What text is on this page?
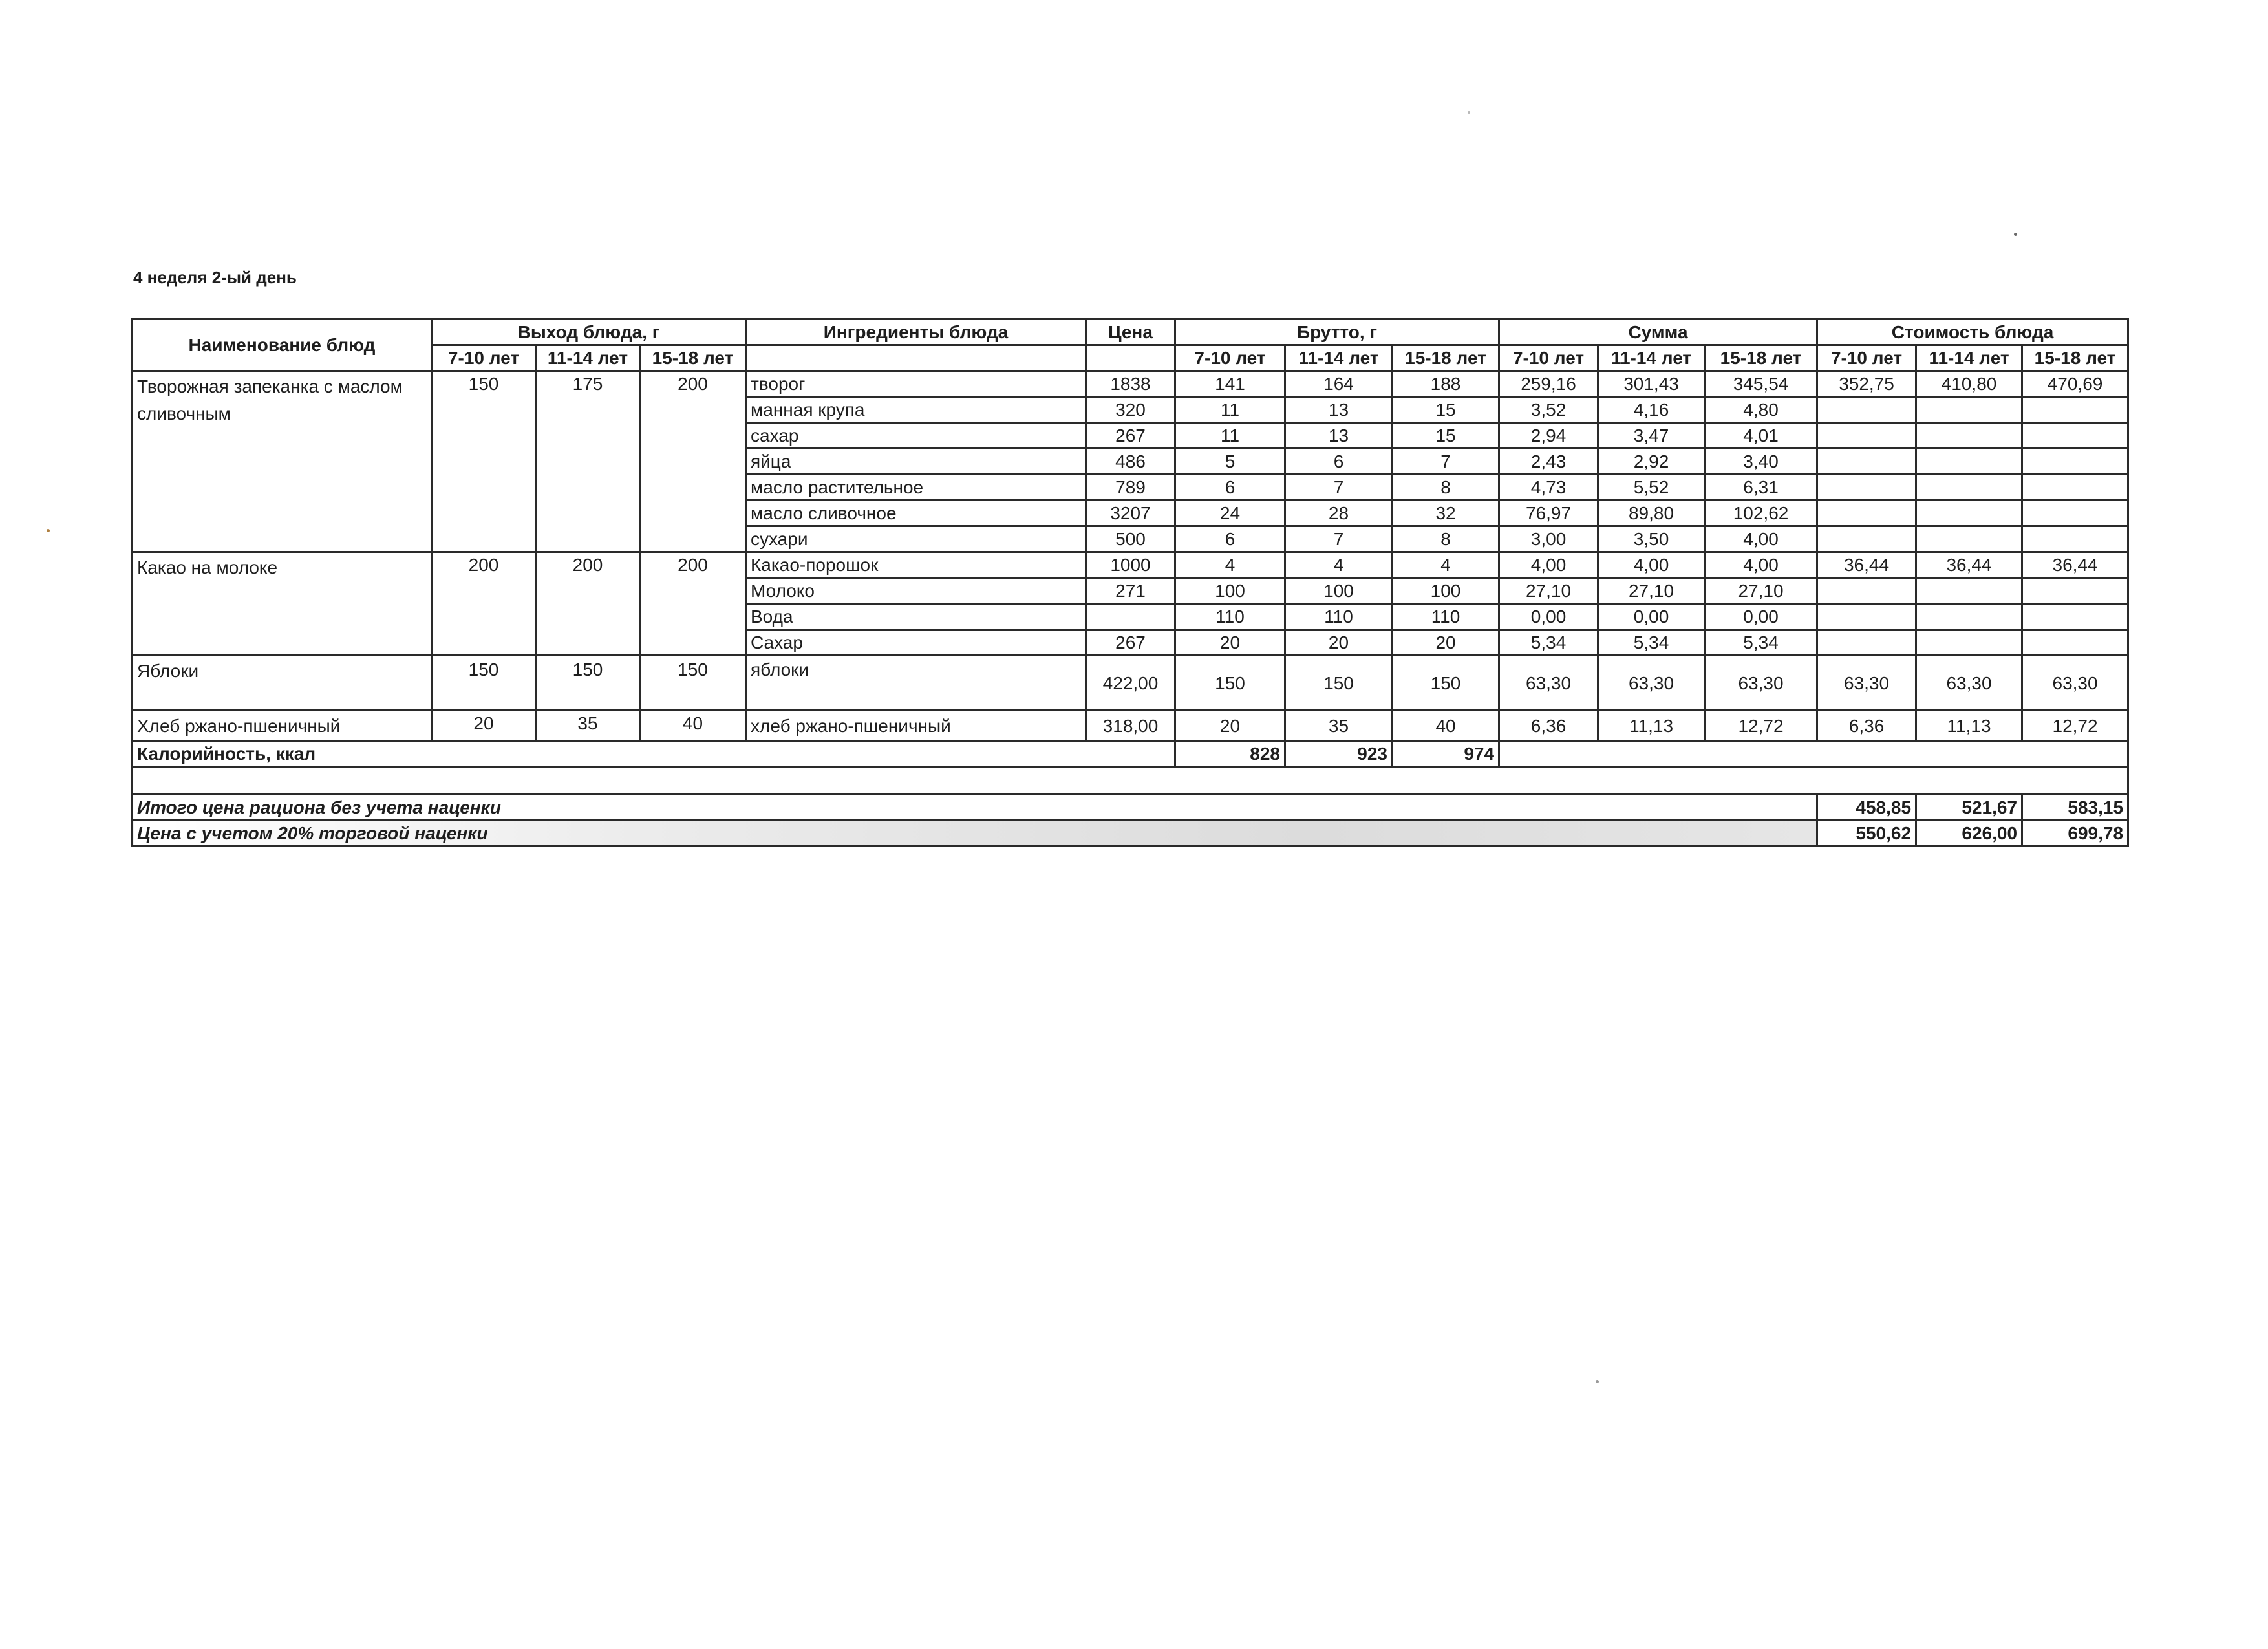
4 неделя 2-ый день
Наименование блюд	Выход блюда, г			Ингредиенты блюда	Цена	Брутто, г			Сумма			Стоимость блюда		
	7-10 лет	11-14 лет	15-18 лет			7-10 лет	11-14 лет	15-18 лет	7-10 лет	11-14 лет	15-18 лет	7-10 лет	11-14 лет	15-18 лет
Творожная запеканка с маслом сливочным	150	175	200	творог	1838	141	164	188	259,16	301,43	345,54	352,75	410,80	470,69
				манная крупа	320	11	13	15	3,52	4,16	4,80			
				сахар	267	11	13	15	2,94	3,47	4,01			
				яйца	486	5	6	7	2,43	2,92	3,40			
				масло растительное	789	6	7	8	4,73	5,52	6,31			
				масло сливочное	3207	24	28	32	76,97	89,80	102,62			
				сухари	500	6	7	8	3,00	3,50	4,00			
Какао на молоке	200	200	200	Какао-порошок	1000	4	4	4	4,00	4,00	4,00	36,44	36,44	36,44
				Молоко	271	100	100	100	27,10	27,10	27,10			
				Вода		110	110	110	0,00	0,00	0,00			
				Сахар	267	20	20	20	5,34	5,34	5,34			
Яблоки	150	150	150	яблоки	422,00	150	150	150	63,30	63,30	63,30	63,30	63,30	63,30
Хлеб ржано-пшеничный	20	35	40	хлеб ржано-пшеничный	318,00	20	35	40	6,36	11,13	12,72	6,36	11,13	12,72
Калорийность, ккал						828	923	974						

Итого цена рациона без учета наценки												458,85	521,67	583,15
Цена с учетом 20% торговой наценки												550,62	626,00	699,78
